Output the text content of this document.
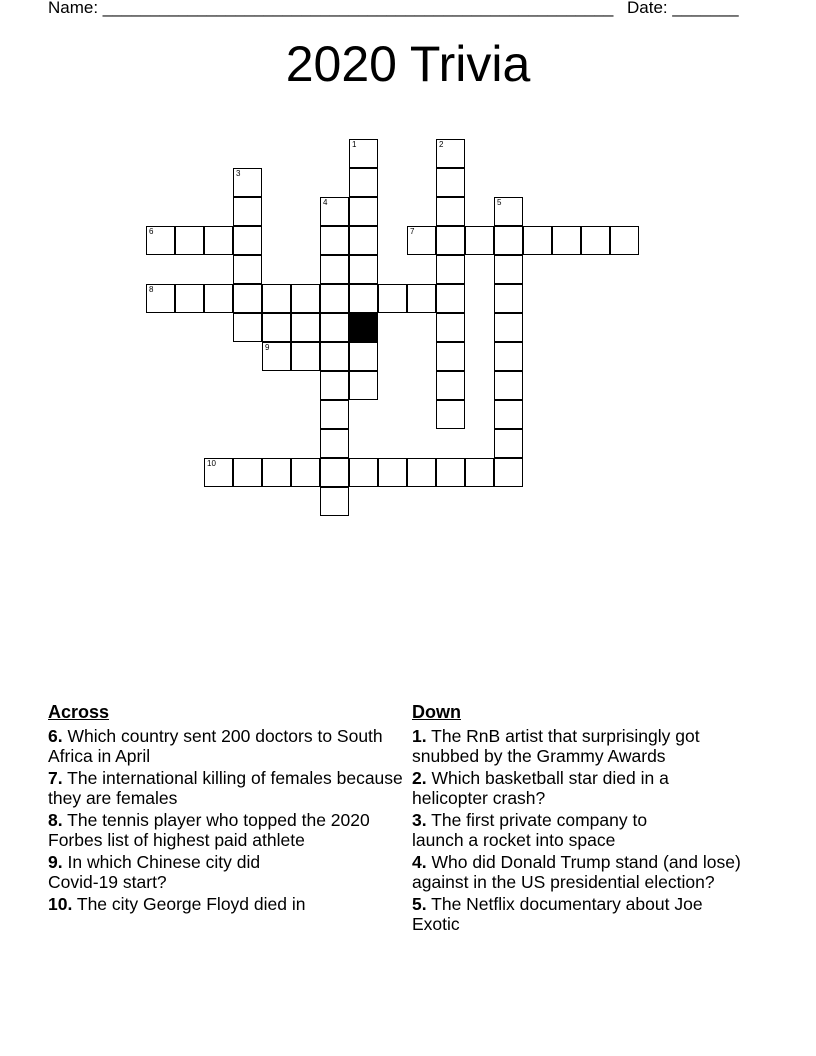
Name: ______________________________________________________ Date: _______
2020 Trivia
1	2
3
4	5
6	7
8
9
10
Across
6. Which country sent 200 doctors to South Africa in April
7. The international killing of females because they are females
8. The tennis player who topped the 2020 Forbes list of highest paid athlete
9. In which Chinese city did Covid-19 start?
10. The city George Floyd died in
Down
1. The RnB artist that surprisingly got snubbed by the Grammy Awards
2. Which basketball star died in a helicopter crash?
3. The first private company to launch a rocket into space
4. Who did Donald Trump stand (and lose) against in the US presidential election?
5. The Netflix documentary about Joe Exotic
